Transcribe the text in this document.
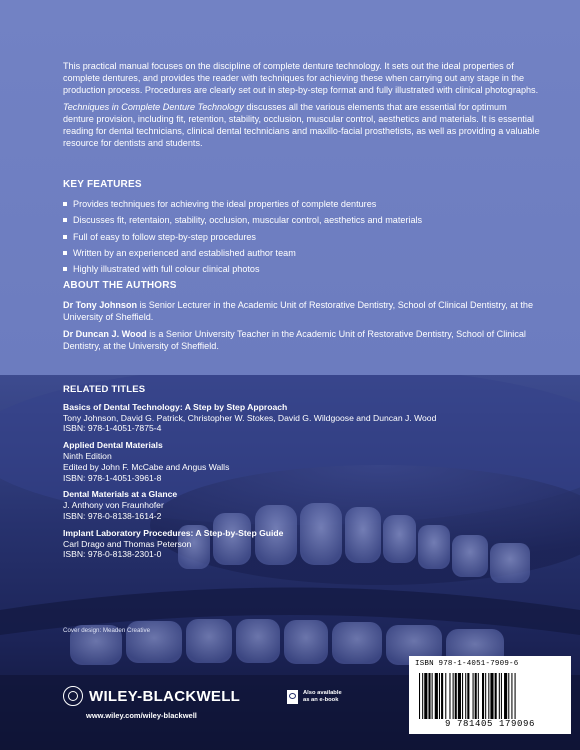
This practical manual focuses on the discipline of complete denture technology. It sets out the ideal properties of complete dentures, and provides the reader with techniques for achieving these when carrying out any stage in the production process. Procedures are clearly set out in step-by-step format and fully illustrated with clinical photographs.

Techniques in Complete Denture Technology discusses all the various elements that are essential for optimum denture provision, including fit, retention, stability, occlusion, muscular control, aesthetics and materials. It is essential reading for dental technicians, clinical dental technicians and maxillo-facial prosthetists, as well as providing a valuable resource for dentists and students.

KEY FEATURES
Provides techniques for achieving the ideal properties of complete dentures
Discusses fit, retentaion, stability, occlusion, muscular control, aesthetics and materials
Full of easy to follow step-by-step procedures
Written by an experienced and established author team
Highly illustrated with full colour clinical photos
ABOUT THE AUTHORS

Dr Tony Johnson is Senior Lecturer in the Academic Unit of Restorative Dentistry, School of Clinical Dentistry, at the University of Sheffield.

Dr Duncan J. Wood is a Senior University Teacher in the Academic Unit of Restorative Dentistry, School of Clinical Dentistry, at the University of Sheffield.

RELATED TITLES
Basics of Dental Technology: A Step by Step Approach
Tony Johnson, David G. Patrick, Christopher W. Stokes, David G. Wildgoose and Duncan J. Wood
ISBN: 978-1-4051-7875-4
Applied Dental Materials
Ninth Edition
Edited by John F. McCabe and Angus Walls
ISBN: 978-1-4051-3961-8
Dental Materials at a Glance
J. Anthony von Fraunhofer
ISBN: 978-0-8138-1614-2
Implant Laboratory Procedures: A Step-by-Step Guide
Carl Drago and Thomas Peterson
ISBN: 978-0-8138-2301-0
Cover design: Meaden Creative
WILEY-BLACKWELL
www.wiley.com/wiley-blackwell
Also available
as an e-book
ISBN 978-1-4051-7909-6
9 781405 179096
